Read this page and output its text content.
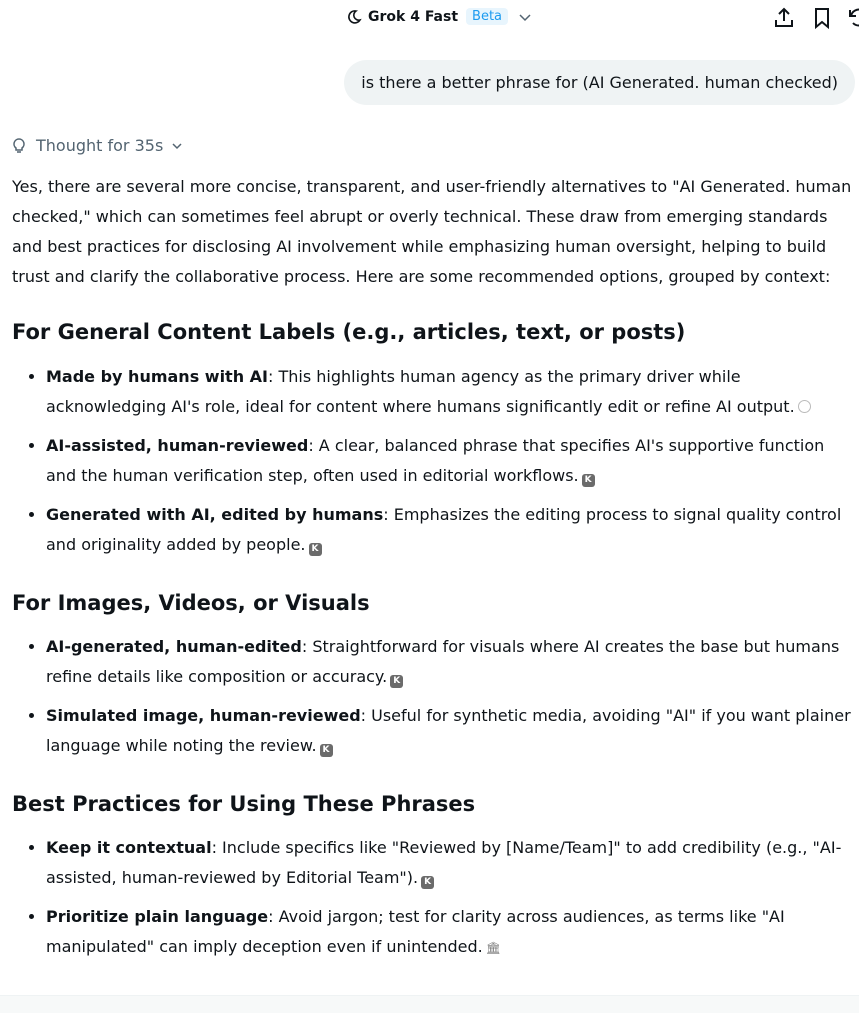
Grok 4 Fast	Beta
is there a better phrase for (AI Generated. human checked)
Thought for 35s

Yes, there are several more concise, transparent, and user-friendly alternatives to "AI Generated. human checked," which can sometimes feel abrupt or overly technical. These draw from emerging standards and best practices for disclosing AI involvement while emphasizing human oversight, helping to build trust and clarify the collaborative process. Here are some recommended options, grouped by context:

For General Content Labels (e.g., articles, text, or posts)
• Made by humans with AI: This highlights human agency as the primary driver while acknowledging AI's role, ideal for content where humans significantly edit or refine AI output.
• AI-assisted, human-reviewed: A clear, balanced phrase that specifies AI's supportive function and the human verification step, often used in editorial workflows. K
• Generated with AI, edited by humans: Emphasizes the editing process to signal quality control and originality added by people. K
For Images, Videos, or Visuals
• AI-generated, human-edited: Straightforward for visuals where AI creates the base but humans refine details like composition or accuracy. K
• Simulated image, human-reviewed: Useful for synthetic media, avoiding "AI" if you want plainer language while noting the review. K
Best Practices for Using These Phrases
• Keep it contextual: Include specifics like "Reviewed by [Name/Team]" to add credibility (e.g., "AI-assisted, human-reviewed by Editorial Team"). K
• Prioritize plain language: Avoid jargon; test for clarity across audiences, as terms like "AI manipulated" can imply deception even if unintended. 🏛
